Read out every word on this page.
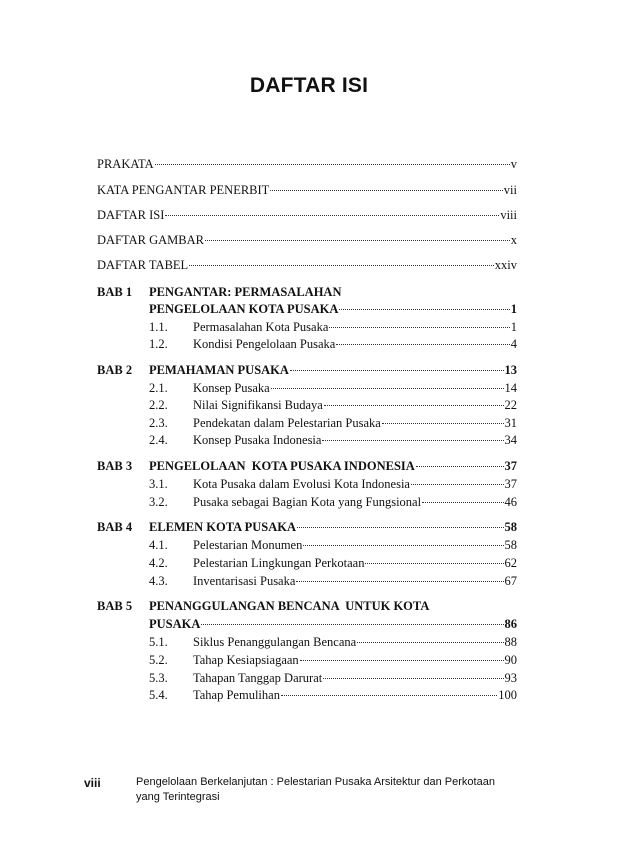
DAFTAR ISI
PRAKATA	v
KATA PENGANTAR PENERBIT	vii
DAFTAR ISI	viii
DAFTAR GAMBAR	x
DAFTAR TABEL	xxiv
BAB 1 PENGANTAR: PERMASALAHAN
PENGELOLAAN KOTA PUSAKA	1
1.1.	Permasalahan Kota Pusaka	1
1.2.	Kondisi Pengelolaan Pusaka	4
BAB 2 PEMAHAMAN PUSAKA	13
2.1.	Konsep Pusaka	14
2.2.	Nilai Signifikansi Budaya	22
2.3.	Pendekatan dalam Pelestarian Pusaka	31
2.4.	Konsep Pusaka Indonesia	34
BAB 3 PENGELOLAAN  KOTA PUSAKA INDONESIA	37
3.1.	Kota Pusaka dalam Evolusi Kota Indonesia	37
3.2.	Pusaka sebagai Bagian Kota yang Fungsional	46
BAB 4 ELEMEN KOTA PUSAKA	58
4.1.	Pelestarian Monumen	58
4.2.	Pelestarian Lingkungan Perkotaan	62
4.3.	Inventarisasi Pusaka	67
BAB 5 PENANGGULANGAN BENCANA  UNTUK KOTA
PUSAKA	86
5.1.	Siklus Penanggulangan Bencana	88
5.2.	Tahap Kesiapsiagaan	90
5.3.	Tahapan Tanggap Darurat	93
5.4.	Tahap Pemulihan	100
viii	Pengelolaan Berkelanjutan : Pelestarian Pusaka Arsitektur dan Perkotaan yang Terintegrasi
